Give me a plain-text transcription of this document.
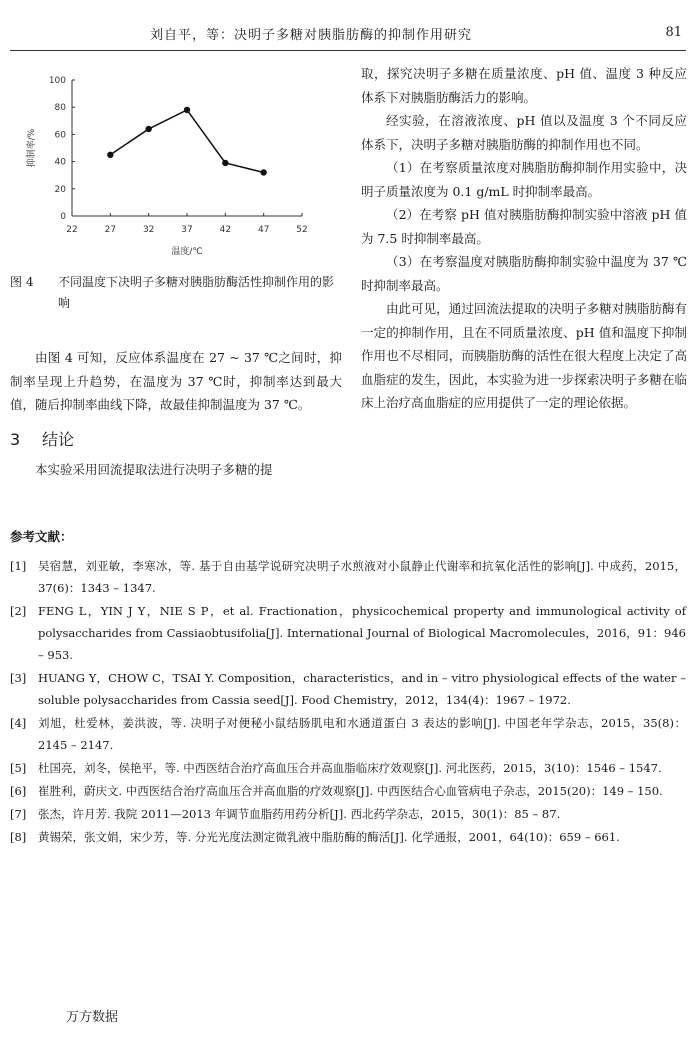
刘自平，等：决明子多糖对胰脂肪酶的抑制作用研究	81
22	27	32	37	42	47	52
0
20
40
60
80
100
温度/℃
抑制率/%
图 4	不同温度下决明子多糖对胰脂肪酶活性抑制作用的影响

由图 4 可知，反应体系温度在 27 ~ 37 ℃之间时，抑制率呈现上升趋势，在温度为 37 ℃时，抑制率达到最大值，随后抑制率曲线下降，故最佳抑制温度为 37 ℃。

3 结论

本实验采用回流提取法进行决明子多糖的提

取，探究决明子多糖在质量浓度、pH 值、温度 3 种反应体系下对胰脂肪酶活力的影响。

经实验，在溶液浓度、pH 值以及温度 3 个不同反应体系下，决明子多糖对胰脂肪酶的抑制作用也不同。

（1）在考察质量浓度对胰脂肪酶抑制作用实验中，决明子质量浓度为 0.1 g/mL 时抑制率最高。

（2）在考察 pH 值对胰脂肪酶抑制实验中溶液 pH 值为 7.5 时抑制率最高。

（3）在考察温度对胰脂肪酶抑制实验中温度为 37 ℃时抑制率最高。

由此可见，通过回流法提取的决明子多糖对胰脂肪酶有一定的抑制作用，且在不同质量浓度、pH 值和温度下抑制作用也不尽相同，而胰脂肪酶的活性在很大程度上决定了高血脂症的发生，因此，本实验为进一步探索决明子多糖在临床上治疗高血脂症的应用提供了一定的理论依据。

参考文献：
[1]	吴宿慧，刘亚敏，李寒冰，等. 基于自由基学说研究决明子水煎液对小鼠静止代谢率和抗氧化活性的影响[J]. 中成药，2015，37(6)：1343 – 1347.
[2]	FENG L，YIN J Y，NIE S P，et al. Fractionation，physicochemical property and immunological activity of polysaccharides from Cassiaobtusifolia[J]. International Journal of Biological Macromolecules，2016，91：946 – 953.
[3]	HUANG Y，CHOW C，TSAI Y. Composition，characteristics，and in – vitro physiological effects of the water – soluble polysaccharides from Cassia seed[J]. Food Chemistry，2012，134(4)：1967 – 1972.
[4]	刘旭，杜爱林，姜洪波，等. 决明子对便秘小鼠结肠肌电和水通道蛋白 3 表达的影响[J]. 中国老年学杂志，2015，35(8)：2145 – 2147.
[5]	杜国亮，刘冬，侯艳平，等. 中西医结合治疗高血压合并高血脂临床疗效观察[J]. 河北医药，2015，3(10)：1546 – 1547.
[6]	崔胜利，蔚庆文. 中西医结合治疗高血压合并高血脂的疗效观察[J]. 中西医结合心血管病电子杂志，2015(20)：149 – 150.
[7]	张杰，许月芳. 我院 2011—2013 年调节血脂药用药分析[J]. 西北药学杂志，2015，30(1)：85 – 87.
[8]	黄锡荣，张文娟，宋少芳，等. 分光光度法测定微乳液中脂肪酶的酶活[J]. 化学通报，2001，64(10)：659 – 661.
万方数据
